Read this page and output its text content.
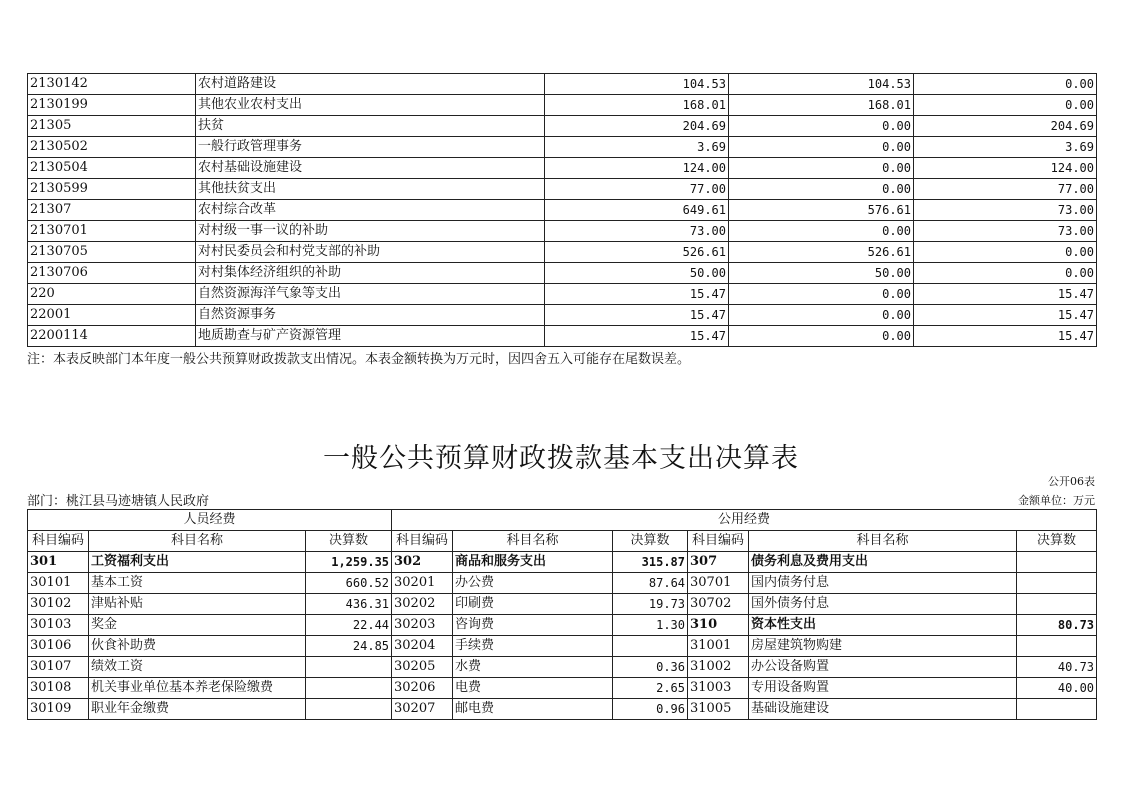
2130142	农村道路建设	104.53	104.53	0.00
2130199	其他农业农村支出	168.01	168.01	0.00
21305	扶贫	204.69	0.00	204.69
2130502	一般行政管理事务	3.69	0.00	3.69
2130504	农村基础设施建设	124.00	0.00	124.00
2130599	其他扶贫支出	77.00	0.00	77.00
21307	农村综合改革	649.61	576.61	73.00
2130701	对村级一事一议的补助	73.00	0.00	73.00
2130705	对村民委员会和村党支部的补助	526.61	526.61	0.00
2130706	对村集体经济组织的补助	50.00	50.00	0.00
220	自然资源海洋气象等支出	15.47	0.00	15.47
22001	自然资源事务	15.47	0.00	15.47
2200114	地质勘查与矿产资源管理	15.47	0.00	15.47
注：本表反映部门本年度一般公共预算财政拨款支出情况。本表金额转换为万元时，因四舍五入可能存在尾数误差。
一般公共预算财政拨款基本支出决算表
公开06表
部门：桃江县马迹塘镇人民政府	金额单位：万元
人员经费			公用经费					
科目编码	科目名称	决算数	科目编码	科目名称	决算数	科目编码	科目名称	决算数
301	工资福利支出	1,259.35	302	商品和服务支出	315.87	307	债务利息及费用支出	
30101	基本工资	660.52	30201	办公费	87.64	30701	国内债务付息	
30102	津贴补贴	436.31	30202	印刷费	19.73	30702	国外债务付息	
30103	奖金	22.44	30203	咨询费	1.30	310	资本性支出	80.73
30106	伙食补助费	24.85	30204	手续费		31001	房屋建筑物购建	
30107	绩效工资		30205	水费	0.36	31002	办公设备购置	40.73
30108	机关事业单位基本养老保险缴费		30206	电费	2.65	31003	专用设备购置	40.00
30109	职业年金缴费		30207	邮电费	0.96	31005	基础设施建设	
